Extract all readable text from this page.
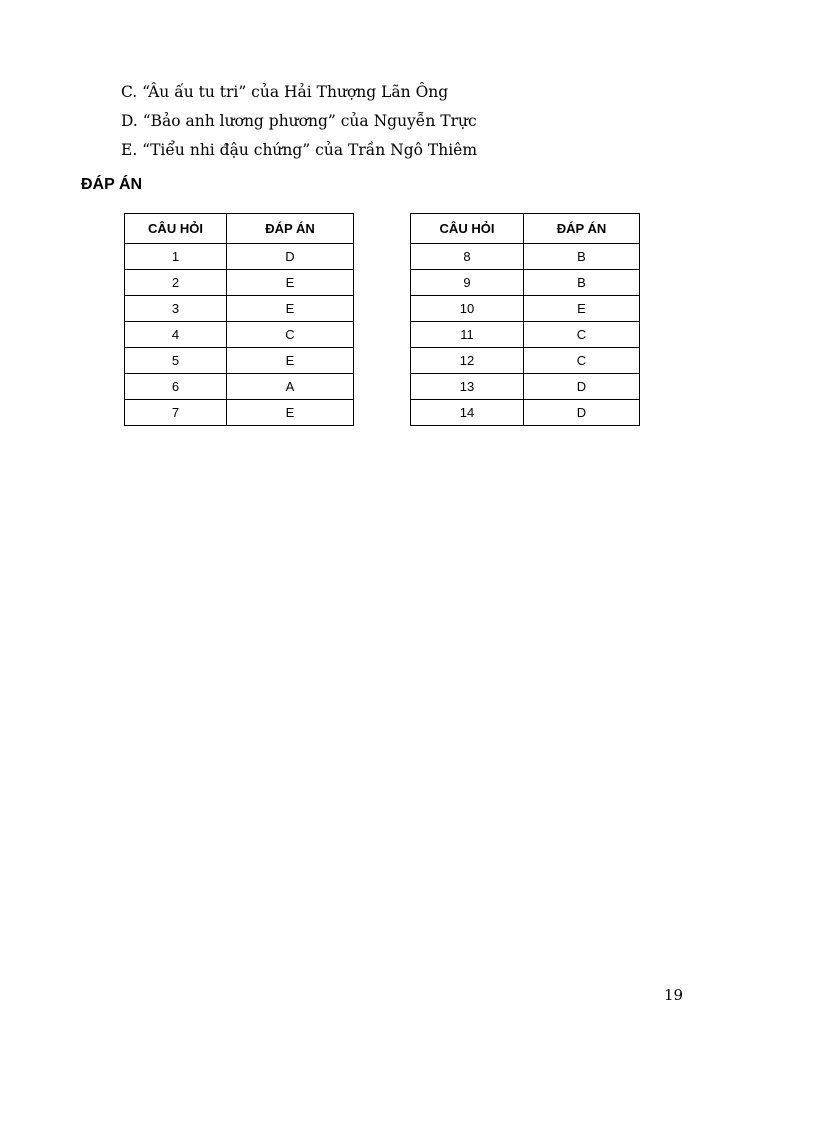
C. “Âu ấu tu tri” của Hải Thượng Lãn Ông
D. “Bảo anh lương phương” của Nguyễn Trực
E. “Tiểu nhi đậu chứng” của Trần Ngô Thiêm
ĐÁP ÁN
CÂU HỎI	ĐÁP ÁN
1	D
2	E
3	E
4	C
5	E
6	A
7	E
CÂU HỎI	ĐÁP ÁN
8	B
9	B
10	E
11	C
12	C
13	D
14	D
19
